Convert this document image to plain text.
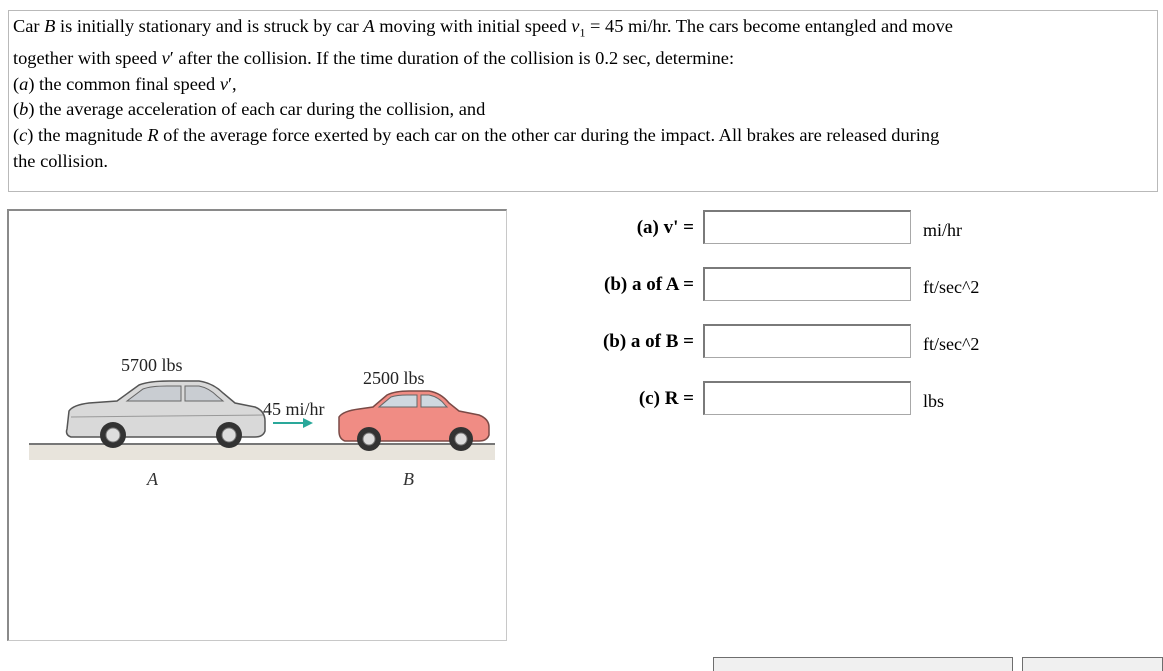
Car B is initially stationary and is struck by car A moving with initial speed $v_1 = 45$ mi/hr. The cars become entangled and move
together with speed v′ after the collision. If the time duration of the collision is 0.2 sec, determine:
(a) the common final speed v′,
(b) the average acceleration of each car during the collision, and
(c) the magnitude R of the average force exerted by each car on the other car during the impact. All brakes are released during
the collision.
5700 lbs
2500 lbs
45 mi/hr
A	B
(a) v' =	mi/hr
(b) a of A =	ft/sec^2
(b) a of B =	ft/sec^2
(c) R =	lbs
